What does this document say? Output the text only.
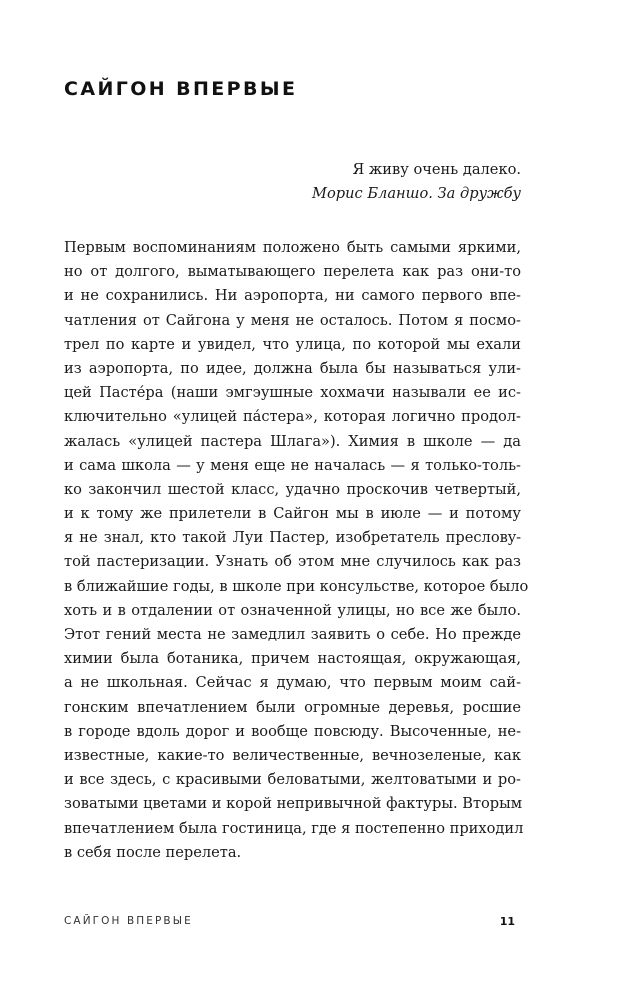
САЙГОН ВПЕРВЫЕ
Я живу очень далеко.
Морис Бланшо. За дружбу
Первым воспоминаниям положено быть самыми яркими,
но от долгого, выматывающего перелета как раз они-то
и не сохранились. Ни аэропорта, ни самого первого впе-
чатления от Сайгона у меня не осталось. Потом я посмо-
трел по карте и увидел, что улица, по которой мы ехали
из аэропорта, по идее, должна была бы называться ули-
цей Пасте́ра (наши эмгэушные хохмачи называли ее ис-
ключительно «улицей па́стера», которая логично продол-
жалась «улицей пастера Шлага»). Химия в школе — да
и сама школа — у меня еще не началась — я только-толь-
ко закончил шестой класс, удачно проскочив четвертый,
и к тому же прилетели в Сайгон мы в июле — и потому
я не знал, кто такой Луи Пастер, изобретатель пресловy-
той пастеризации. Узнать об этом мне случилось как раз
в ближайшие годы, в школе при консульстве, которое было
хоть и в отдалении от означенной улицы, но все же было.
Этот гений места не замедлил заявить о себе. Но прежде
химии была ботаника, причем настоящая, окружающая,
а не школьная. Сейчас я думаю, что первым моим сай-
гонским впечатлением были огромные деревья, росшие
в городе вдоль дорог и вообще повсюду. Высоченные, не-
известные, какие-то величественные, вечнозеленые, как
и все здесь, с красивыми беловатыми, желтоватыми и ро-
зоватыми цветами и корой непривычной фактуры. Вторым
впечатлением была гостиница, где я постепенно приходил
в себя после перелета.
САЙГОН ВПЕРВЫЕ	11
